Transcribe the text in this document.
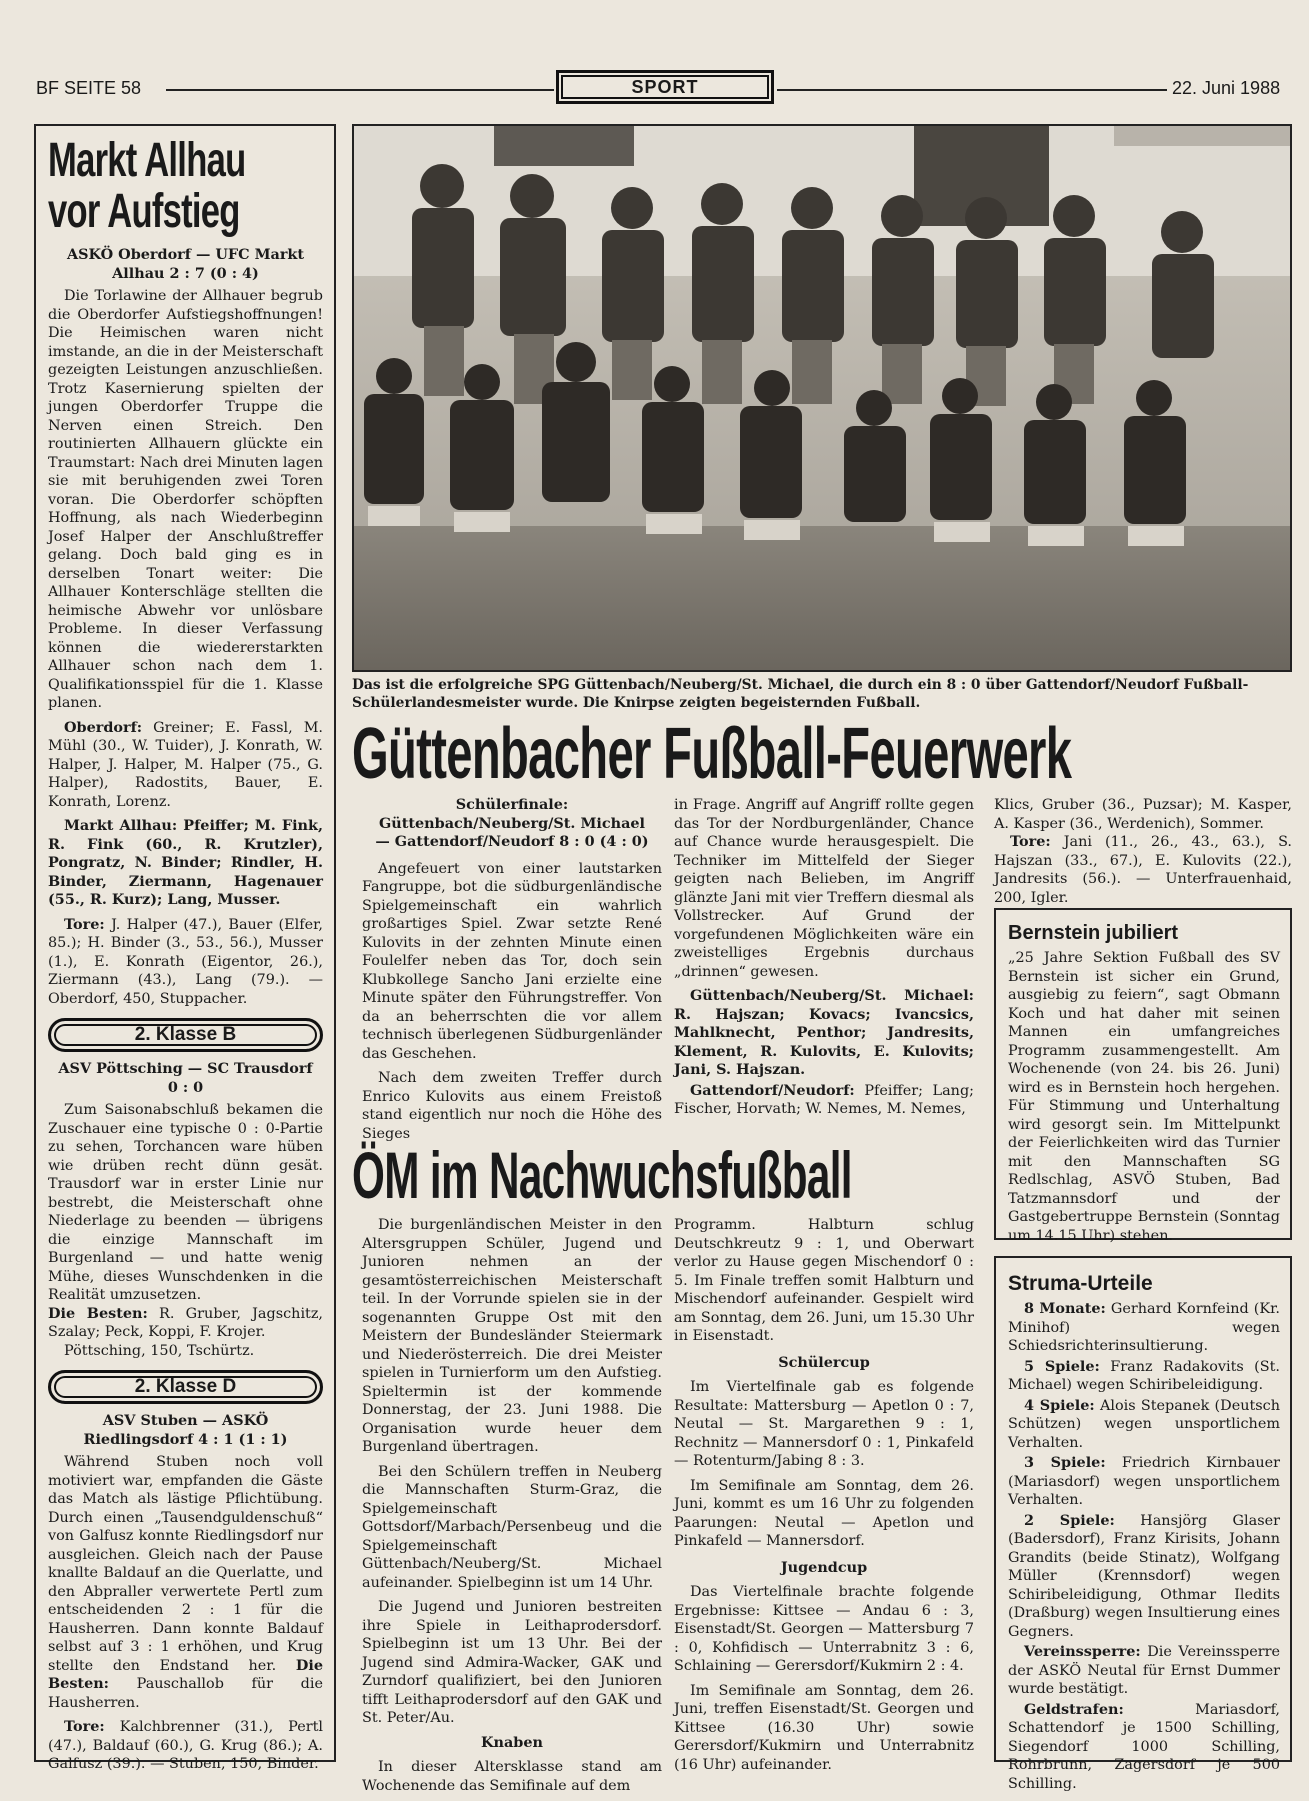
BF SEITE 58	SPORT	22. Juni 1988
Markt Allhau
vor Aufstieg
ASKÖ Oberdorf — UFC Markt Allhau 2 : 7 (0 : 4)

Die Torlawine der Allhauer begrub die Oberdorfer Aufstiegshoffnungen! Die Heimischen waren nicht imstande, an die in der Meisterschaft gezeigten Leistungen anzuschließen. Trotz Kasernierung spielten der jungen Oberdorfer Truppe die Nerven einen Streich. Den routinierten Allhauern glückte ein Traumstart: Nach drei Minuten lagen sie mit beruhigenden zwei Toren voran. Die Oberdorfer schöpften Hoffnung, als nach Wiederbeginn Josef Halper der Anschlußtreffer gelang. Doch bald ging es in derselben Tonart weiter: Die Allhauer Konterschläge stellten die heimische Abwehr vor unlösbare Probleme. In dieser Verfassung können die wiedererstarkten Allhauer schon nach dem 1. Qualifikationsspiel für die 1. Klasse planen.

Oberdorf: Greiner; E. Fassl, M. Mühl (30., W. Tuider), J. Konrath, W. Halper, J. Halper, M. Halper (75., G. Halper), Radostits, Bauer, E. Konrath, Lorenz.

Markt Allhau: Pfeiffer; M. Fink, R. Fink (60., R. Krutzler), Pongratz, N. Binder; Rindler, H. Binder, Ziermann, Hagenauer (55., R. Kurz); Lang, Musser.

Tore: J. Halper (47.), Bauer (Elfer, 85.); H. Binder (3., 53., 56.), Musser (1.), E. Konrath (Eigentor, 26.), Ziermann (43.), Lang (79.). — Oberdorf, 450, Stuppacher.

2. Klasse B
ASV Pöttsching — SC Trausdorf 0 : 0

Zum Saisonabschluß bekamen die Zuschauer eine typische 0 : 0-Partie zu sehen, Torchancen ware hüben wie drüben recht dünn gesät. Trausdorf war in erster Linie nur bestrebt, die Meisterschaft ohne Niederlage zu beenden — übrigens die einzige Mannschaft im Burgenland — und hatte wenig Mühe, dieses Wunschdenken in die Realität umzusetzen.

Die Besten: R. Gruber, Jagschitz, Szalay; Peck, Koppi, F. Krojer.

Pöttsching, 150, Tschürtz.

2. Klasse D
ASV Stuben — ASKÖ Riedlingsdorf 4 : 1 (1 : 1)

Während Stuben noch voll motiviert war, empfanden die Gäste das Match als lästige Pflichtübung. Durch einen „Tausendguldenschuß“ von Galfusz konnte Riedlingsdorf nur ausgleichen. Gleich nach der Pause knallte Baldauf an die Querlatte, und den Abpraller verwertete Pertl zum entscheidenden 2 : 1 für die Hausherren. Dann konnte Baldauf selbst auf 3 : 1 erhöhen, und Krug stellte den Endstand her. Die Besten: Pauschallob für die Hausherren.

Tore: Kalchbrenner (31.), Pertl (47.), Baldauf (60.), G. Krug (86.); A. Galfusz (39.). — Stuben, 150, Binder.

Das ist die erfolgreiche SPG Güttenbach/Neuberg/St. Michael, die durch ein 8 : 0 über Gattendorf/Neudorf Fußball-Schülerlandesmeister wurde. Die Knirpse zeigten begeisternden Fußball.
Güttenbacher Fußball-Feuerwerk
Schülerfinale: Güttenbach/Neuberg/St. Michael — Gattendorf/Neudorf 8 : 0 (4 : 0)

Angefeuert von einer lautstarken Fangruppe, bot die südburgenländische Spielgemeinschaft ein wahrlich großartiges Spiel. Zwar setzte René Kulovits in der zehnten Minute einen Foulelfer neben das Tor, doch sein Klubkollege Sancho Jani erzielte eine Minute später den Führungstreffer. Von da an beherrschten die vor allem technisch überlegenen Südburgenländer das Geschehen.

Nach dem zweiten Treffer durch Enrico Kulovits aus einem Freistoß stand eigentlich nur noch die Höhe des Sieges

in Frage. Angriff auf Angriff rollte gegen das Tor der Nordburgenländer, Chance auf Chance wurde herausgespielt. Die Techniker im Mittelfeld der Sieger geigten nach Belieben, im Angriff glänzte Jani mit vier Treffern diesmal als Vollstrecker. Auf Grund der vorgefundenen Möglichkeiten wäre ein zweistelliges Ergebnis durchaus „drinnen“ gewesen.

Güttenbach/Neuberg/St. Michael: R. Hajszan; Kovacs; Ivancsics, Mahlknecht, Penthor; Jandresits, Klement, R. Kulovits, E. Kulovits; Jani, S. Hajszan.

Gattendorf/Neudorf: Pfeiffer; Lang; Fischer, Horvath; W. Nemes, M. Nemes,

Klics, Gruber (36., Puzsar); M. Kasper, A. Kasper (36., Werdenich), Sommer.

Tore: Jani (11., 26., 43., 63.), S. Hajszan (33., 67.), E. Kulovits (22.), Jandresits (56.). — Unterfrauenhaid, 200, Igler.

Bernstein jubiliert

„25 Jahre Sektion Fußball des SV Bernstein ist sicher ein Grund, ausgiebig zu feiern“, sagt Obmann Koch und hat daher mit seinen Mannen ein umfangreiches Programm zusammengestellt. Am Wochenende (von 24. bis 26. Juni) wird es in Bernstein hoch hergehen. Für Stimmung und Unterhaltung wird gesorgt sein. Im Mittelpunkt der Feierlichkeiten wird das Turnier mit den Mannschaften SG Redlschlag, ASVÖ Stuben, Bad Tatzmannsdorf und der Gastgebertruppe Bernstein (Sonntag um 14.15 Uhr) stehen.

ÖM im Nachwuchsfußball

Die burgenländischen Meister in den Altersgruppen Schüler, Jugend und Junioren nehmen an der gesamtösterreichischen Meisterschaft teil. In der Vorrunde spielen sie in der sogenannten Gruppe Ost mit den Meistern der Bundesländer Steiermark und Niederösterreich. Die drei Meister spielen in Turnierform um den Aufstieg. Spieltermin ist der kommende Donnerstag, der 23. Juni 1988. Die Organisation wurde heuer dem Burgenland übertragen.

Bei den Schülern treffen in Neuberg die Mannschaften Sturm-Graz, die Spielgemeinschaft Gottsdorf/Marbach/Persenbeug und die Spielgemeinschaft Güttenbach/Neuberg/St. Michael aufeinander. Spielbeginn ist um 14 Uhr.

Die Jugend und Junioren bestreiten ihre Spiele in Leithaprodersdorf. Spielbeginn ist um 13 Uhr. Bei der Jugend sind Admira-Wacker, GAK und Zurndorf qualifiziert, bei den Junioren tifft Leithaprodersdorf auf den GAK und St. Peter/Au.

Knaben

In dieser Altersklasse stand am Wochenende das Semifinale auf dem

Programm. Halbturn schlug Deutschkreutz 9 : 1, und Oberwart verlor zu Hause gegen Mischendorf 0 : 5. Im Finale treffen somit Halbturn und Mischendorf aufeinander. Gespielt wird am Sonntag, dem 26. Juni, um 15.30 Uhr in Eisenstadt.

Schülercup

Im Viertelfinale gab es folgende Resultate: Mattersburg — Apetlon 0 : 7, Neutal — St. Margarethen 9 : 1, Rechnitz — Mannersdorf 0 : 1, Pinkafeld — Rotenturm/Jabing 8 : 3.

Im Semifinale am Sonntag, dem 26. Juni, kommt es um 16 Uhr zu folgenden Paarungen: Neutal — Apetlon und Pinkafeld — Mannersdorf.

Jugendcup

Das Viertelfinale brachte folgende Ergebnisse: Kittsee — Andau 6 : 3, Eisenstadt/St. Georgen — Mattersburg 7 : 0, Kohfidisch — Unterrabnitz 3 : 6, Schlaining — Gerersdorf/Kukmirn 2 : 4.

Im Semifinale am Sonntag, dem 26. Juni, treffen Eisenstadt/St. Georgen und Kittsee (16.30 Uhr) sowie Gerersdorf/Kukmirn und Unterrabnitz (16 Uhr) aufeinander.

Struma-Urteile

8 Monate: Gerhard Kornfeind (Kr. Minihof) wegen Schiedsrichterinsultierung.

5 Spiele: Franz Radakovits (St. Michael) wegen Schiribeleidigung.

4 Spiele: Alois Stepanek (Deutsch Schützen) wegen unsportlichem Verhalten.

3 Spiele: Friedrich Kirnbauer (Mariasdorf) wegen unsportlichem Verhalten.

2 Spiele: Hansjörg Glaser (Badersdorf), Franz Kirisits, Johann Grandits (beide Stinatz), Wolfgang Müller (Krennsdorf) wegen Schiribeleidigung, Othmar Iledits (Draßburg) wegen Insultierung eines Gegners.

Vereinssperre: Die Vereinssperre der ASKÖ Neutal für Ernst Dummer wurde bestätigt.

Geldstrafen:	Mariasdorf, Schattendorf je 1500 Schilling, Siegendorf 1000 Schilling, Rohrbrunn, Zagersdorf je 500 Schilling.
